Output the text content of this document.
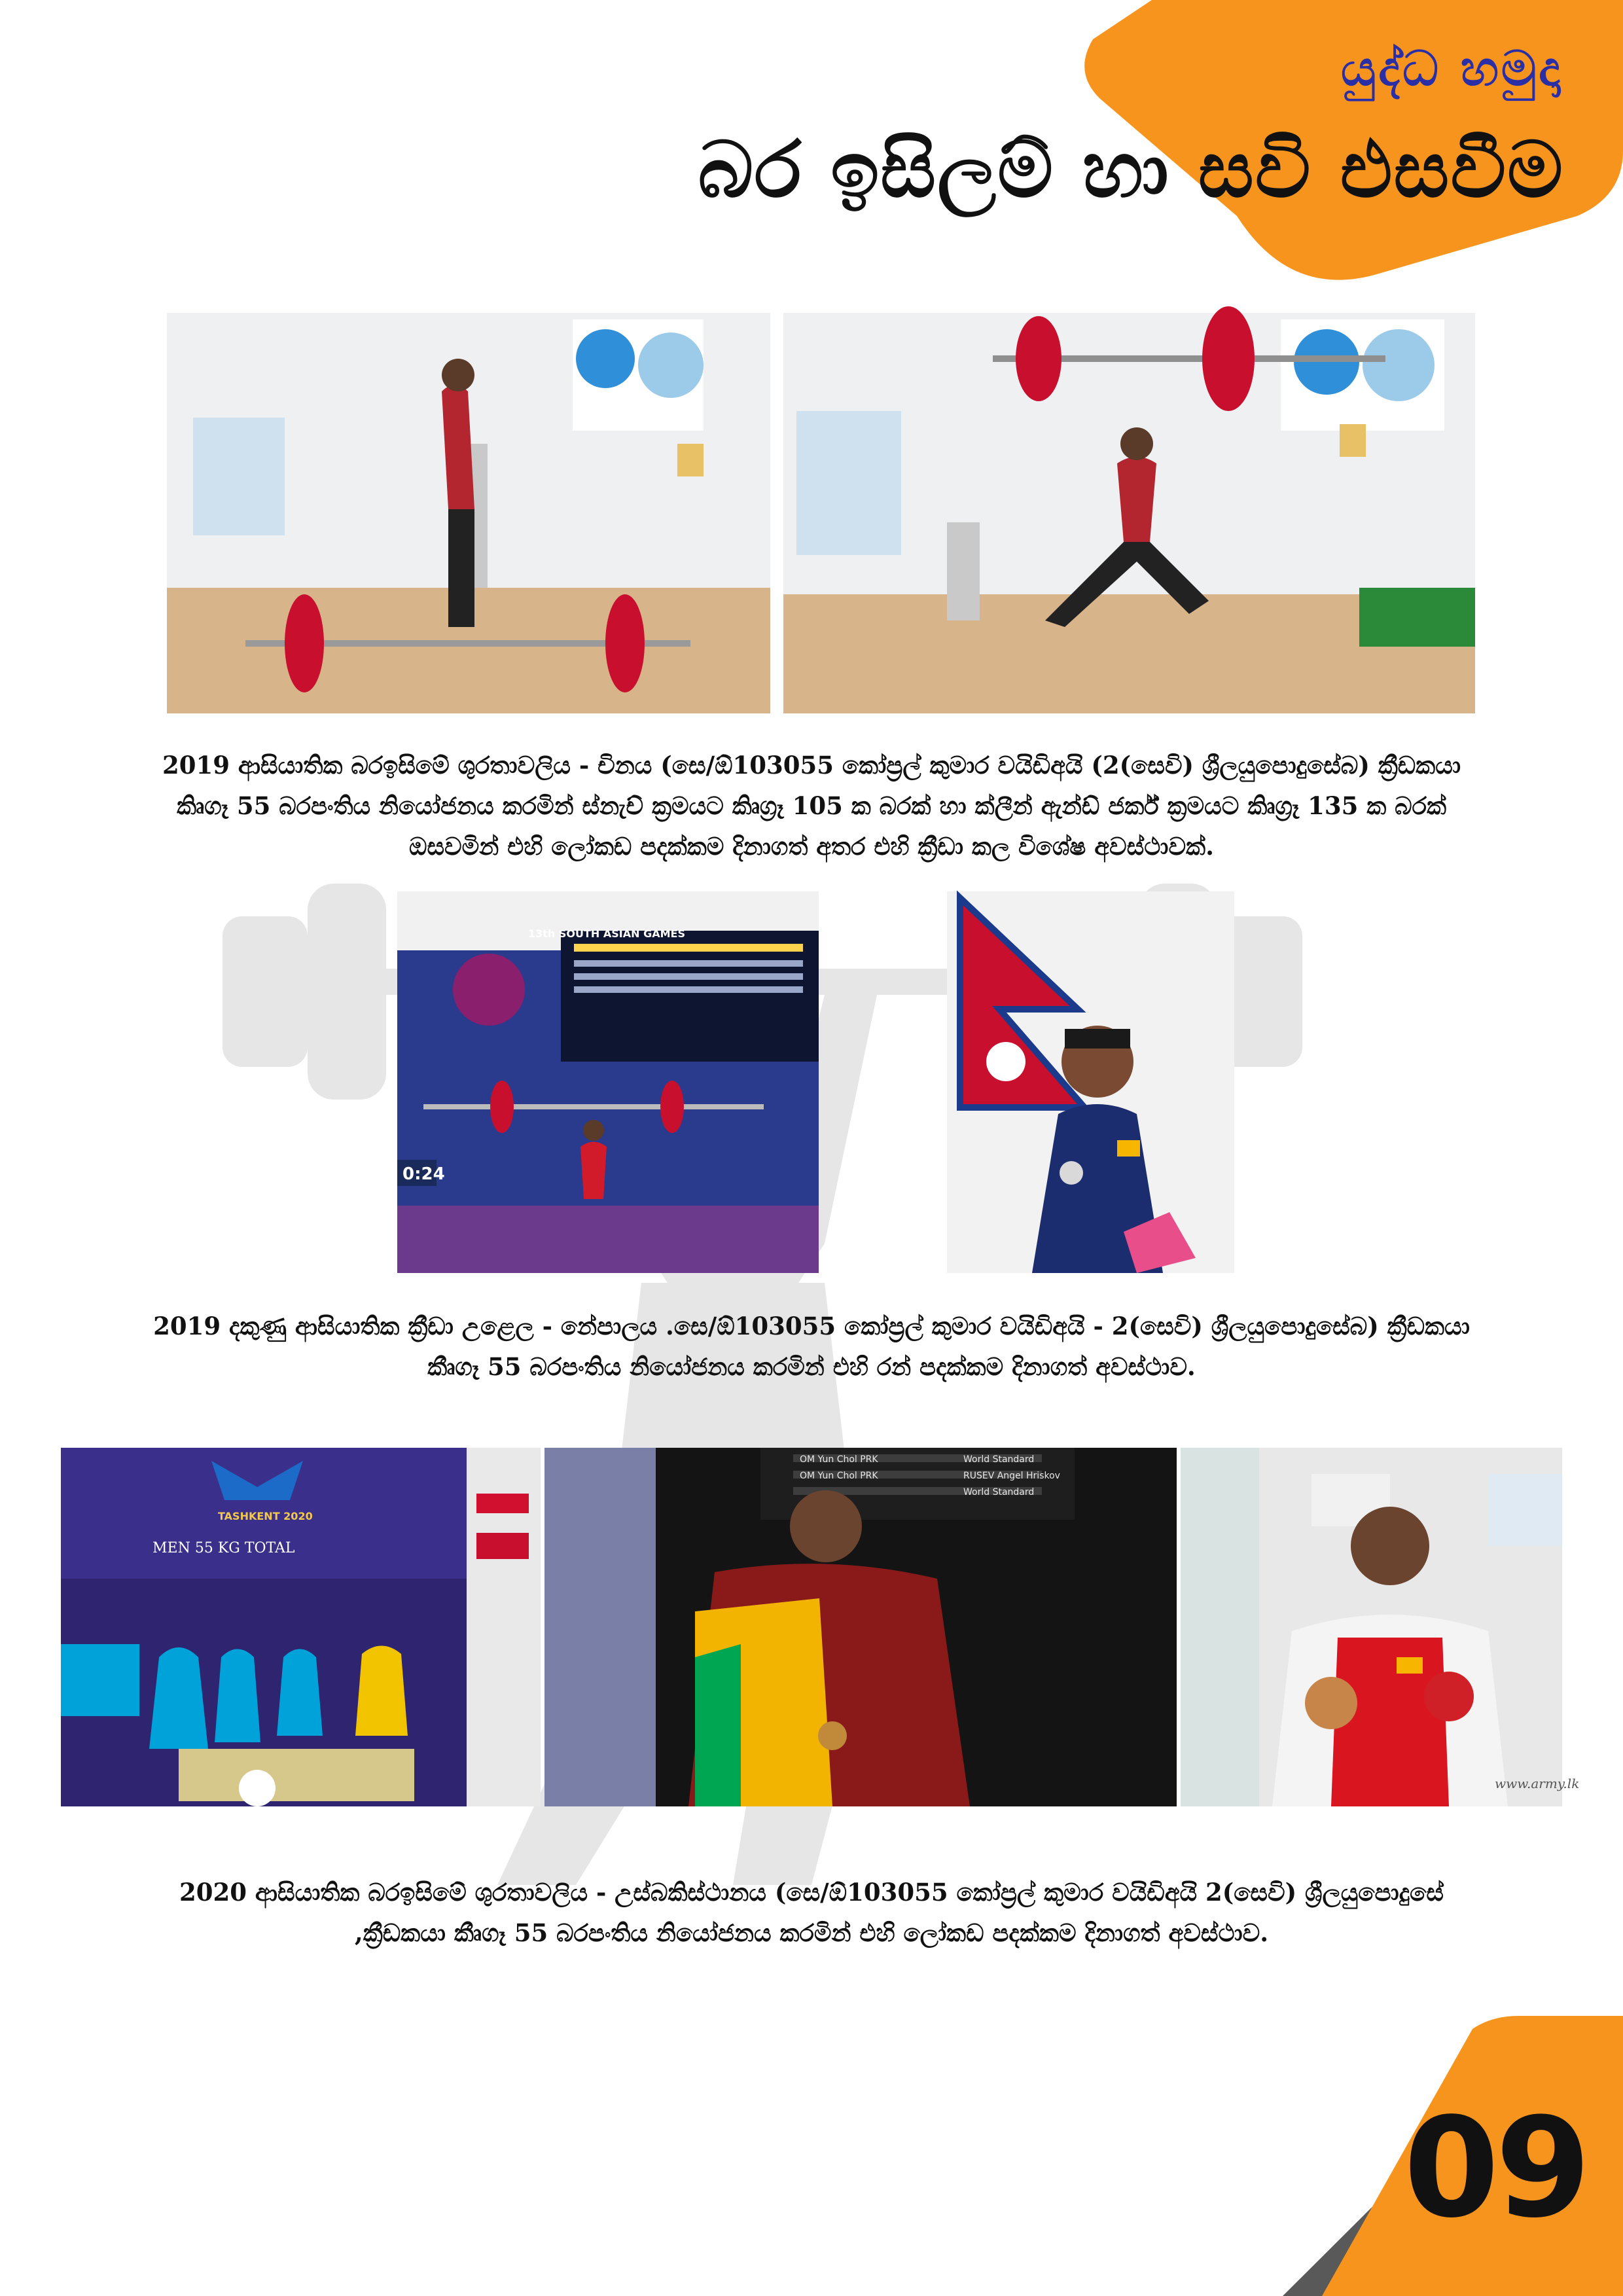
යුද්ධ හමුදා
බර ඉසිලම් හා සවි එසවීම
2019 ආසියාතික බරඉසිමේ ශුරතාවලිය - චිනය (සෙ/ඕ103055 කෝප්‍රල් කුමාර වයිඩිඅයි (2(සෙවි) ශ්‍රීලයුපොදුසේබ) ක්‍රීඩකයා
කිෘගෑ 55 බරපංතිය නියෝජනය කරමින් ස්නැච් ක්‍රමයට කිෘග්‍රෑ 105 ක බරක් හා ක්ලීන් ඇන්ඩ් ජර්ක් ක්‍රමයට කිෘග්‍රෑ 135 ක බරක්
ඔසවමින් එහි ලෝකඩ පදක්කම දිනාගත් අතර එහි ක්‍රීඩා කල විශේෂ අවස්ථාවක්.
0:24
13th SOUTH ASIAN GAMES
2019 දකුණු ආසියාතික ක්‍රීඩා උළෙල - නේපාලය .සෙ/ඕ103055 කෝප්‍රල් කුමාර වයිඩිඅයි - 2(සෙවි) ශ්‍රීලයුපොදුසේබ) ක්‍රීඩකයා
කීෘගෑ 55 බරපංතිය නියෝජනය කරමින් එහි රන් පදක්කම දිනාගත් අවස්ථාව.
MEN 55 KG TOTAL
TASHKENT 2020
OM Yun Chol PRK
OM Yun Chol PRK
World Standard
RUSEV Angel Hriskov
World Standard
www.army.lk
2020 ආසියාතික බරඉසිමේ ශුරතාවලිය - උස්බකිස්ථානය (සෙ/ඕ103055 කෝප්‍රල් කුමාර වයිඩිඅයි 2(සෙවි) ශ්‍රීලයුපොදුසේ
,ක්‍රීඩකයා කීෘගෑ 55 බරපංතිය නියෝජනය කරමින් එහි ලෝකඩ පදක්කම දිනාගත් අවස්ථාව.
09
